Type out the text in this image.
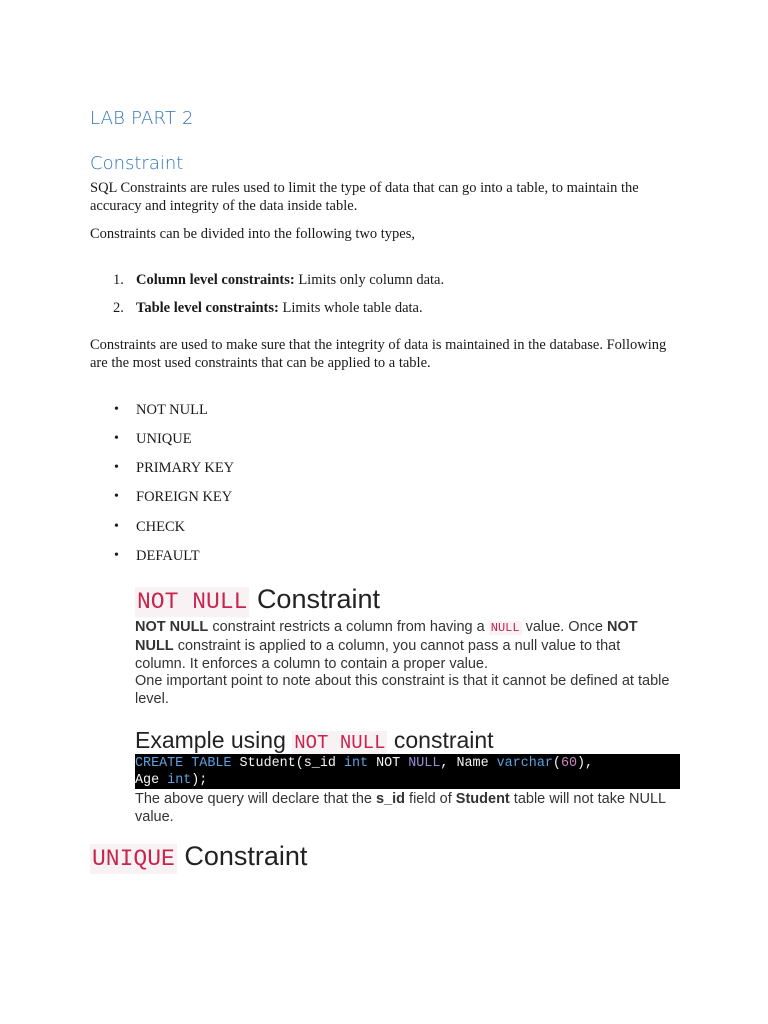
LAB PART 2
Constraint
SQL Constraints are rules used to limit the type of data that can go into a table, to maintain the accuracy and integrity of the data inside table.
Constraints can be divided into the following two types,
1. Column level constraints: Limits only column data.
2. Table level constraints: Limits whole table data.
Constraints are used to make sure that the integrity of data is maintained in the database. Following are the most used constraints that can be applied to a table.
• NOT NULL
• UNIQUE
• PRIMARY KEY
• FOREIGN KEY
• CHECK
• DEFAULT
NOT NULL Constraint
NOT NULL constraint restricts a column from having a NULL value. Once NOT NULL constraint is applied to a column, you cannot pass a null value to that column. It enforces a column to contain a proper value.
One important point to note about this constraint is that it cannot be defined at table level.
Example using NOT NULL constraint
CREATE TABLE Student(s_id int NOT NULL, Name varchar(60),
Age int);
The above query will declare that the s_id field of Student table will not take NULL value.
UNIQUE Constraint
